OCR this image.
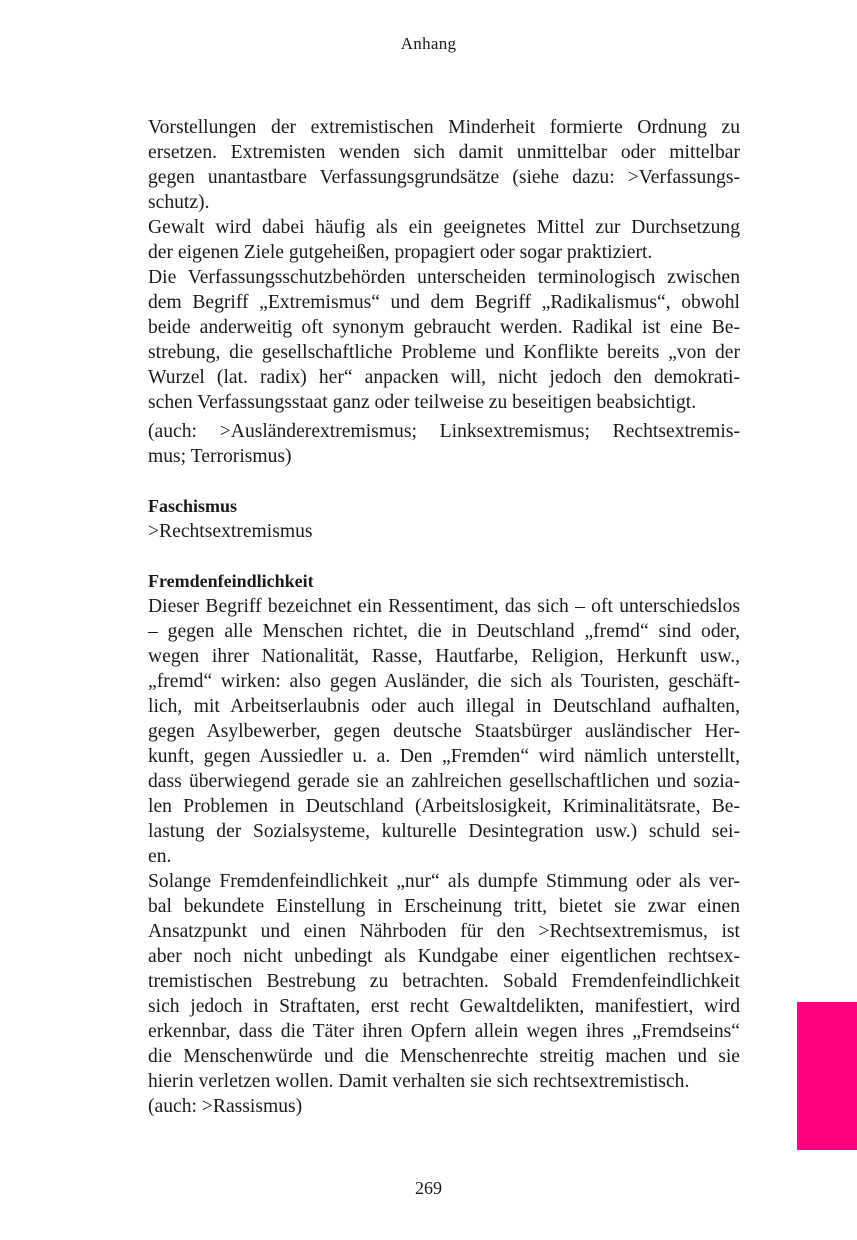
Anhang
Vorstellungen der extremistischen Minderheit formierte Ordnung zu
ersetzen. Extremisten wenden sich damit unmittelbar oder mittelbar
gegen unantastbare Verfassungsgrundsätze (siehe dazu: >Verfassungs-
schutz).
Gewalt wird dabei häufig als ein geeignetes Mittel zur Durchsetzung
der eigenen Ziele gutgeheißen, propagiert oder sogar praktiziert.
Die Verfassungsschutzbehörden unterscheiden terminologisch zwischen
dem Begriff „Extremismus“ und dem Begriff „Radikalismus“, obwohl
beide anderweitig oft synonym gebraucht werden. Radikal ist eine Be-
strebung, die gesellschaftliche Probleme und Konflikte bereits „von der
Wurzel (lat. radix) her“ anpacken will, nicht jedoch den demokrati-
schen Verfassungsstaat ganz oder teilweise zu beseitigen beabsichtigt.
(auch: >Ausländerextremismus; Linksextremismus; Rechtsextremis-
mus; Terrorismus)
Faschismus
>Rechtsextremismus
Fremdenfeindlichkeit
Dieser Begriff bezeichnet ein Ressentiment, das sich – oft unterschiedslos
– gegen alle Menschen richtet, die in Deutschland „fremd“ sind oder,
wegen ihrer Nationalität, Rasse, Hautfarbe, Religion, Herkunft usw.,
„fremd“ wirken: also gegen Ausländer, die sich als Touristen, geschäft-
lich, mit Arbeitserlaubnis oder auch illegal in Deutschland aufhalten,
gegen Asylbewerber, gegen deutsche Staatsbürger ausländischer Her-
kunft, gegen Aussiedler u. a. Den „Fremden“ wird nämlich unterstellt,
dass überwiegend gerade sie an zahlreichen gesellschaftlichen und sozia-
len Problemen in Deutschland (Arbeitslosigkeit, Kriminalitätsrate, Be-
lastung der Sozialsysteme, kulturelle Desintegration usw.) schuld sei-
en.
Solange Fremdenfeindlichkeit „nur“ als dumpfe Stimmung oder als ver-
bal bekundete Einstellung in Erscheinung tritt, bietet sie zwar einen
Ansatzpunkt und einen Nährboden für den >Rechtsextremismus, ist
aber noch nicht unbedingt als Kundgabe einer eigentlichen rechtsex-
tremistischen Bestrebung zu betrachten. Sobald Fremdenfeindlichkeit
sich jedoch in Straftaten, erst recht Gewaltdelikten, manifestiert, wird
erkennbar, dass die Täter ihren Opfern allein wegen ihres „Fremdseins“
die Menschenwürde und die Menschenrechte streitig machen und sie
hierin verletzen wollen. Damit verhalten sie sich rechtsextremistisch.
(auch: >Rassismus)
269
